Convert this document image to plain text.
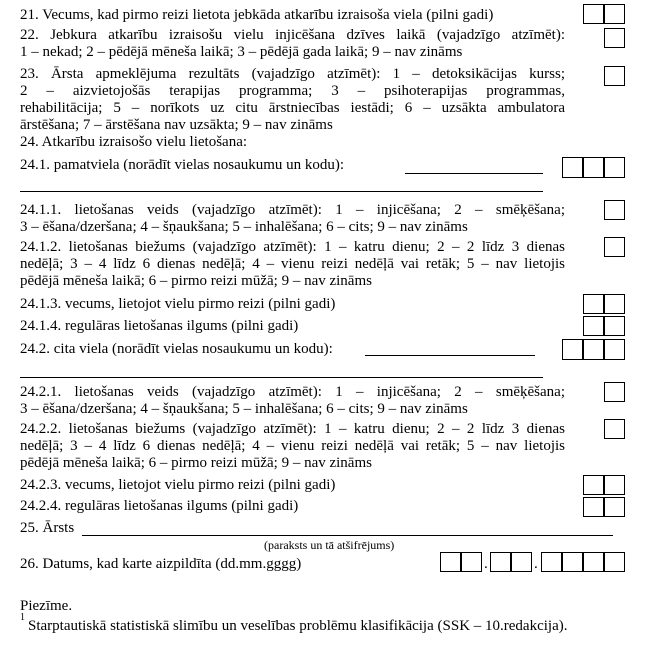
21. Vecums, kad pirmo reizi lietota jebkāda atkarību izraisoša viela (pilni gadi)
22. Jebkura atkarību izraisošu vielu injicēšana dzīves laikā (vajadzīgo atzīmēt):
1 – nekad; 2 – pēdējā mēneša laikā; 3 – pēdējā gada laikā; 9 – nav zināms
23. Ārsta apmeklējuma rezultāts (vajadzīgo atzīmēt): 1 – detoksikācijas kurss;
2 – aizvietojošās terapijas programma; 3 – psihoterapijas programmas,
rehabilitācija; 5 – norīkots uz citu ārstniecības iestādi; 6 – uzsākta ambulatora
ārstēšana; 7 – ārstēšana nav uzsākta; 9 – nav zināms
24. Atkarību izraisošo vielu lietošana:
24.1. pamatviela (norādīt vielas nosaukumu un kodu):
24.1.1. lietošanas veids (vajadzīgo atzīmēt): 1 – injicēšana; 2 – smēķēšana;
3 – ēšana/dzeršana; 4 – šņaukšana; 5 – inhalēšana; 6 – cits; 9 – nav zināms
24.1.2. lietošanas biežums (vajadzīgo atzīmēt): 1 – katru dienu; 2 – 2 līdz 3 dienas
nedēļā; 3 – 4 līdz 6 dienas nedēļā; 4 – vienu reizi nedēļā vai retāk; 5 – nav lietojis
pēdējā mēneša laikā; 6 – pirmo reizi mūžā; 9 – nav zināms
24.1.3. vecums, lietojot vielu pirmo reizi (pilni gadi)
24.1.4. regulāras lietošanas ilgums (pilni gadi)
24.2. cita viela (norādīt vielas nosaukumu un kodu):
24.2.1. lietošanas veids (vajadzīgo atzīmēt): 1 – injicēšana; 2 – smēķēšana;
3 – ēšana/dzeršana; 4 – šņaukšana; 5 – inhalēšana; 6 – cits; 9 – nav zināms
24.2.2. lietošanas biežums (vajadzīgo atzīmēt): 1 – katru dienu; 2 – 2 līdz 3 dienas
nedēļā; 3 – 4 līdz 6 dienas nedēļā; 4 – vienu reizi nedēļā vai retāk; 5 – nav lietojis
pēdējā mēneša laikā; 6 – pirmo reizi mūžā; 9 – nav zināms
24.2.3. vecums, lietojot vielu pirmo reizi (pilni gadi)
24.2.4. regulāras lietošanas ilgums (pilni gadi)
25. Ārsts
(paraksts un tā atšifrējums)
26. Datums, kad karte aizpildīta (dd.mm.gggg)	.	.
Piezīme.
1
Starptautiskā statistiskā slimību un veselības problēmu klasifikācija (SSK – 10.redakcija).
